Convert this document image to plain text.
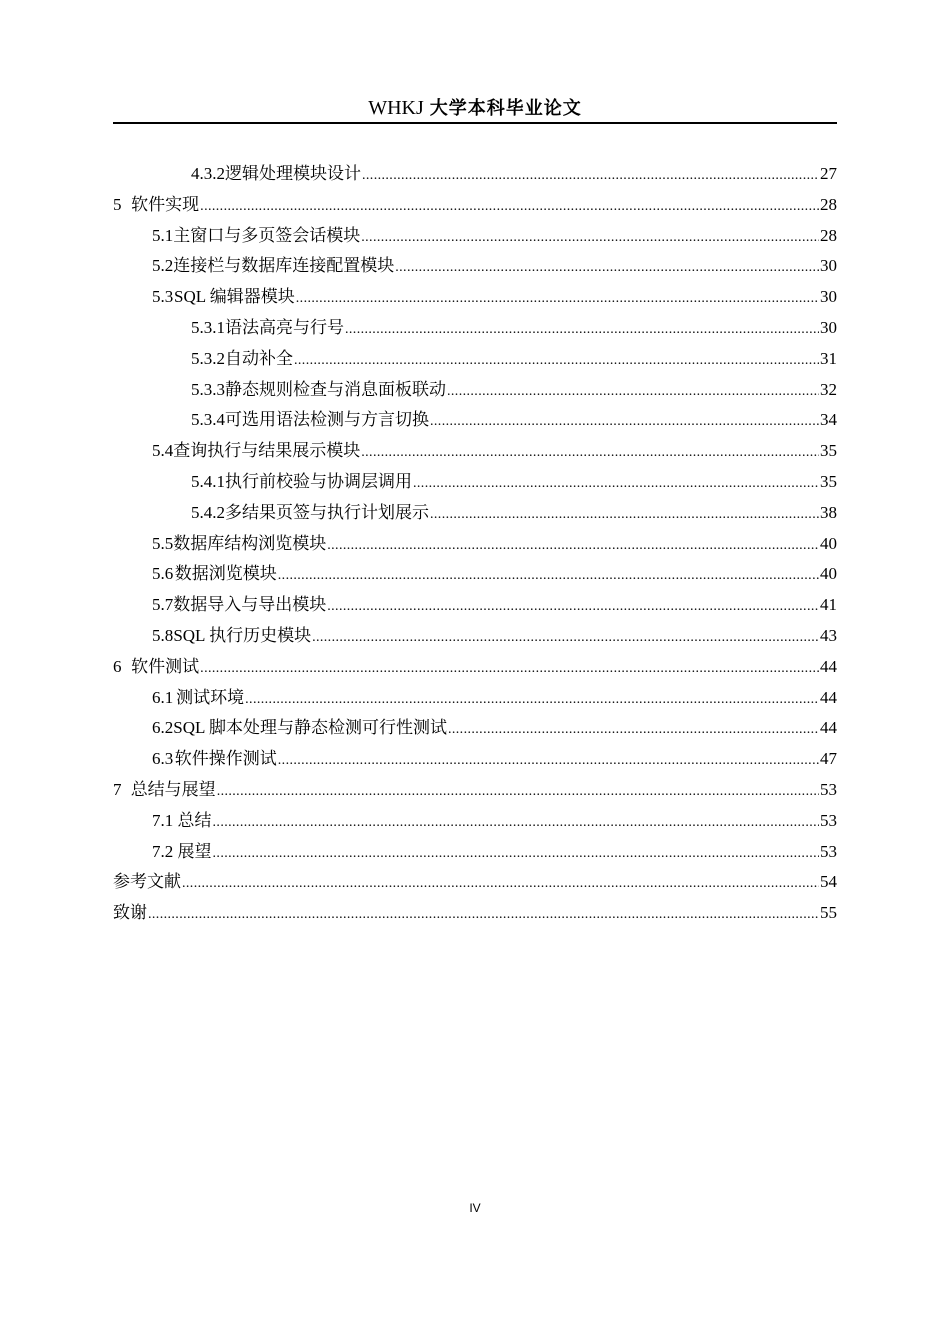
WHKJ 大学本科毕业论文
4.3.2 逻辑处理模块设计 .....	27
5 软件实现 .....	28
5.1 主窗口与多页签会话模块 .....	28
5.2 连接栏与数据库连接配置模块 .....	30
5.3 SQL 编辑器模块 .....	30
5.3.1 语法高亮与行号 .....	30
5.3.2 自动补全 .....	31
5.3.3 静态规则检查与消息面板联动 .....	32
5.3.4 可选用语法检测与方言切换 .....	34
5.4 查询执行与结果展示模块 .....	35
5.4.1 执行前校验与协调层调用 .....	35
5.4.2 多结果页签与执行计划展示 .....	38
5.5 数据库结构浏览模块 .....	40
5.6 数据浏览模块 .....	40
5.7 数据导入与导出模块 .....	41
5.8 SQL 执行历史模块 .....	43
6 软件测试 .....	44
6.1 测试环境 .....	44
6.2 SQL 脚本处理与静态检测可行性测试 .....	44
6.3 软件操作测试 .....	47
7 总结与展望 .....	53
7.1 总结 .....	53
7.2 展望 .....	53
参考文献 .....	54
致谢 .....	55
IV
